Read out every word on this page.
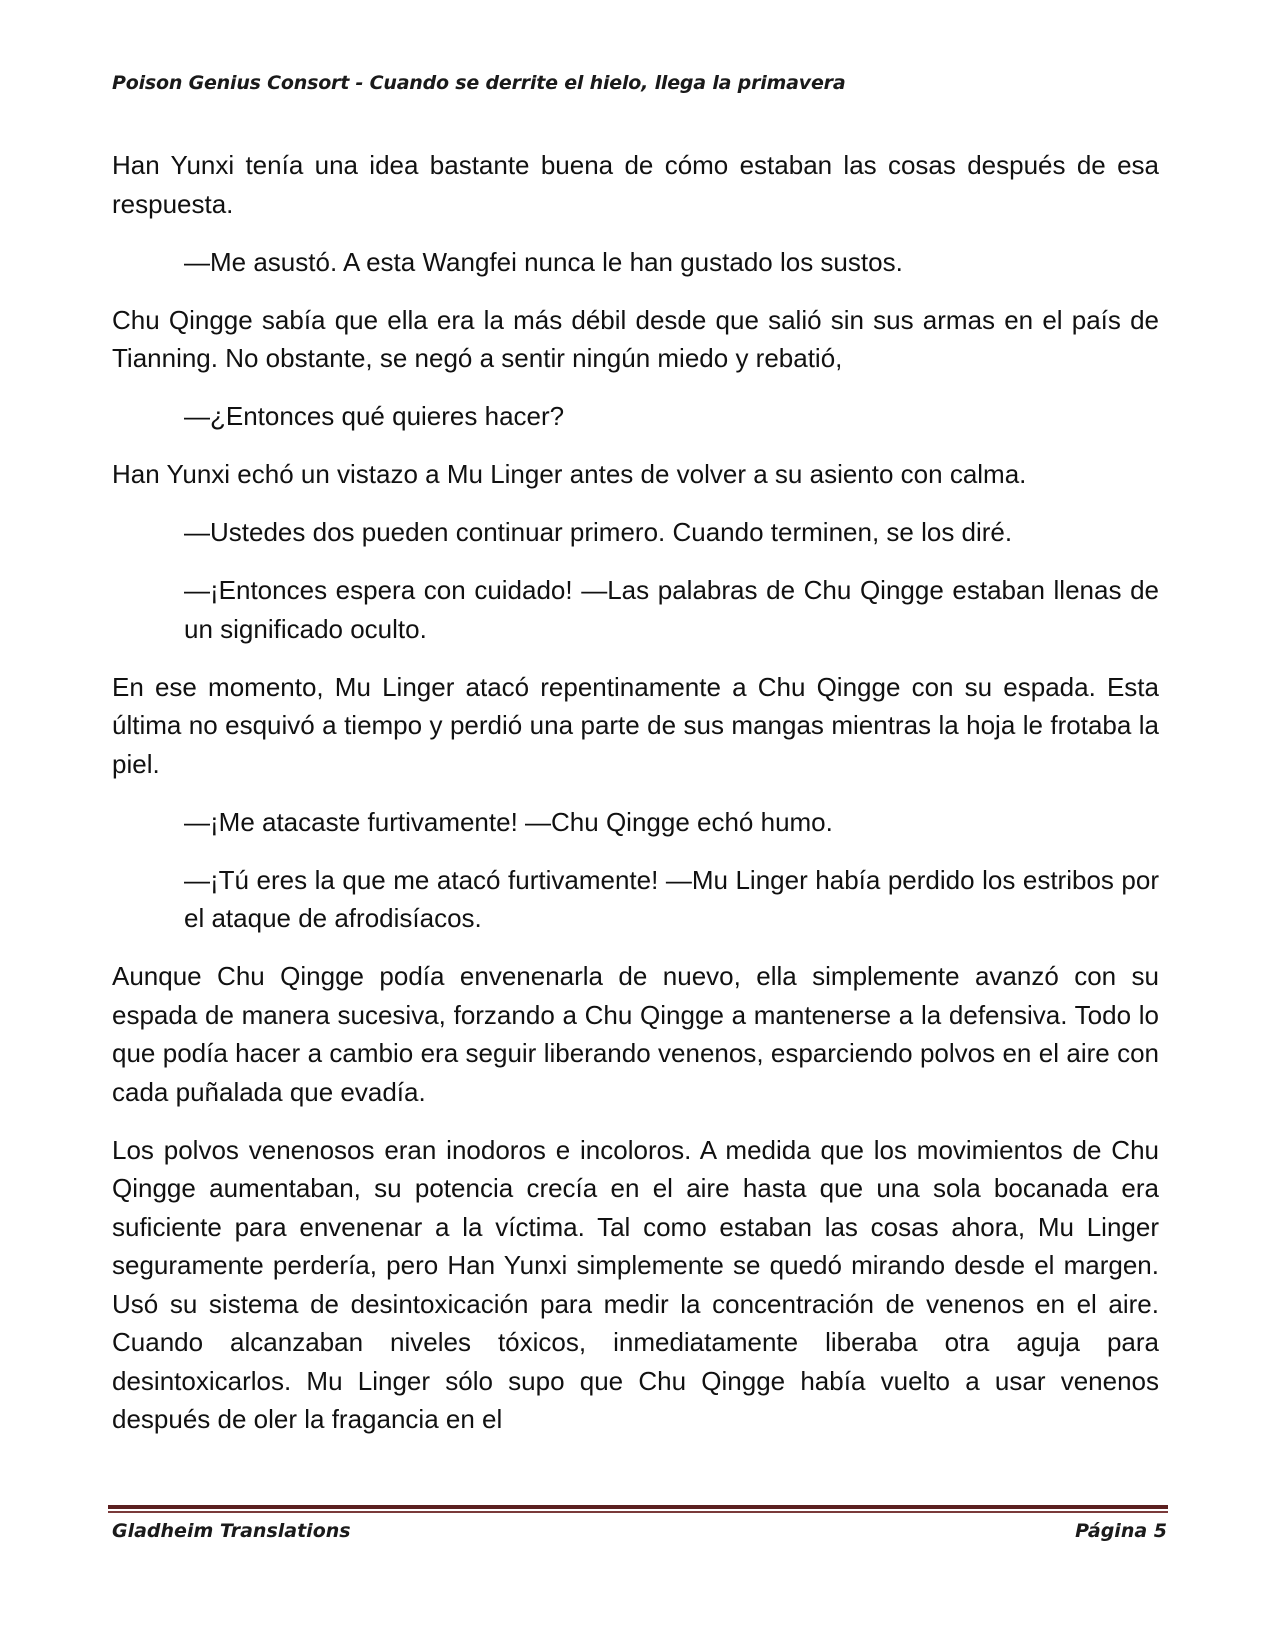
Poison Genius Consort - Cuando se derrite el hielo, llega la primavera

Han Yunxi tenía una idea bastante buena de cómo estaban las cosas después de esa respuesta.

—Me asustó. A esta Wangfei nunca le han gustado los sustos.

Chu Qingge sabía que ella era la más débil desde que salió sin sus armas en el país de Tianning. No obstante, se negó a sentir ningún miedo y rebatió,

—¿Entonces qué quieres hacer?

Han Yunxi echó un vistazo a Mu Linger antes de volver a su asiento con calma.

—Ustedes dos pueden continuar primero. Cuando terminen, se los diré.

—¡Entonces espera con cuidado! —Las palabras de Chu Qingge estaban llenas de un significado oculto.

En ese momento, Mu Linger atacó repentinamente a Chu Qingge con su espada. Esta última no esquivó a tiempo y perdió una parte de sus mangas mientras la hoja le frotaba la piel.

—¡Me atacaste furtivamente! —Chu Qingge echó humo.

—¡Tú eres la que me atacó furtivamente! —Mu Linger había perdido los estribos por el ataque de afrodisíacos.

Aunque Chu Qingge podía envenenarla de nuevo, ella simplemente avanzó con su espada de manera sucesiva, forzando a Chu Qingge a mantenerse a la defensiva. Todo lo que podía hacer a cambio era seguir liberando venenos, esparciendo polvos en el aire con cada puñalada que evadía.

Los polvos venenosos eran inodoros e incoloros. A medida que los movimientos de Chu Qingge aumentaban, su potencia crecía en el aire hasta que una sola bocanada era suficiente para envenenar a la víctima. Tal como estaban las cosas ahora, Mu Linger seguramente perdería, pero Han Yunxi simplemente se quedó mirando desde el margen. Usó su sistema de desintoxicación para medir la concentración de venenos en el aire. Cuando alcanzaban niveles tóxicos, inmediatamente liberaba otra aguja para desintoxicarlos. Mu Linger sólo supo que Chu Qingge había vuelto a usar venenos después de oler la fragancia en el

Gladheim Translations	Página 5
